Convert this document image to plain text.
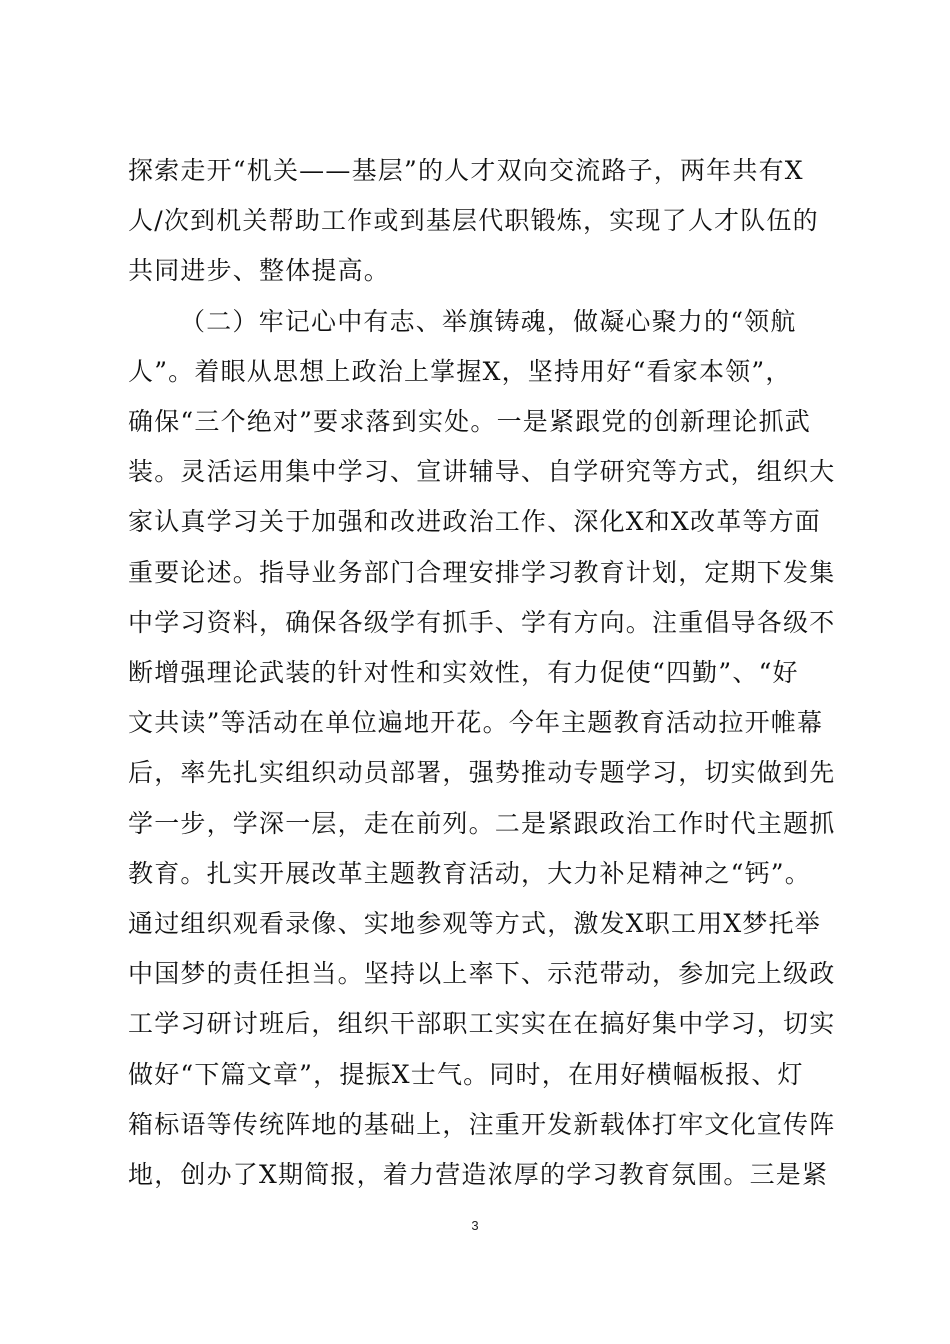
探索走开“机关——基层”的人才双向交流路子，两年共有X
人/次到机关帮助工作或到基层代职锻炼，实现了人才队伍的
共同进步、整体提高。
（二）牢记心中有志、举旗铸魂，做凝心聚力的“领航
人”。着眼从思想上政治上掌握X，坚持用好“看家本领”，
确保“三个绝对”要求落到实处。一是紧跟党的创新理论抓武
装。灵活运用集中学习、宣讲辅导、自学研究等方式，组织大
家认真学习关于加强和改进政治工作、深化X和X改革等方面
重要论述。指导业务部门合理安排学习教育计划，定期下发集
中学习资料，确保各级学有抓手、学有方向。注重倡导各级不
断增强理论武装的针对性和实效性，有力促使“四勤”、“好
文共读”等活动在单位遍地开花。今年主题教育活动拉开帷幕
后，率先扎实组织动员部署，强势推动专题学习，切实做到先
学一步，学深一层，走在前列。二是紧跟政治工作时代主题抓
教育。扎实开展改革主题教育活动，大力补足精神之“钙”。
通过组织观看录像、实地参观等方式，激发X职工用X梦托举
中国梦的责任担当。坚持以上率下、示范带动，参加完上级政
工学习研讨班后，组织干部职工实实在在搞好集中学习，切实
做好“下篇文章”，提振X士气。同时，在用好横幅板报、灯
箱标语等传统阵地的基础上，注重开发新载体打牢文化宣传阵
3
地，创办了X期简报，着力营造浓厚的学习教育氛围。三是紧
